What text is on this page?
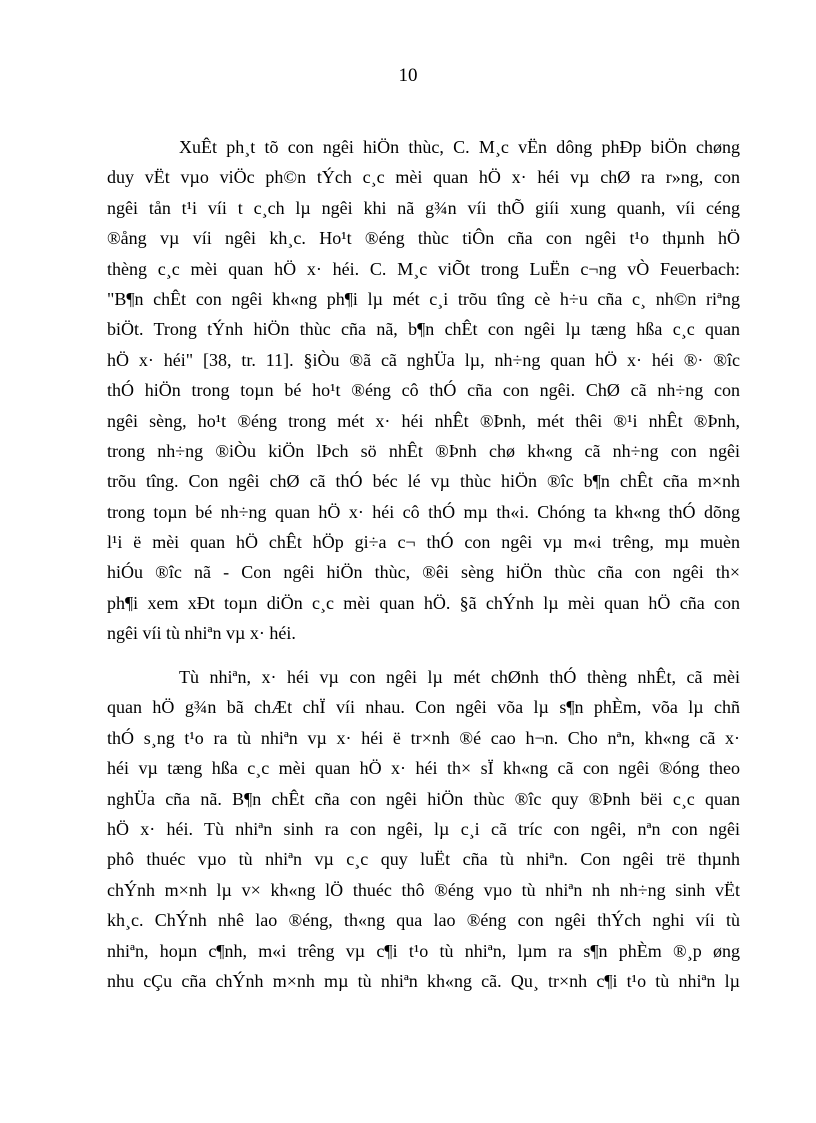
10

XuÊt ph¸t tõ con ngêi hiÖn thùc, C. M¸c vËn dông phÐp biÖn chøng
duy vËt vµo viÖc ph©n tÝch c¸c mèi quan hÖ x· héi vµ chØ ra r»ng, con
ngêi tån t¹i víi t c¸ch lµ ngêi khi nã g¾n víi thÕ giíi xung quanh, víi céng
®ång vµ víi ngêi kh¸c. Ho¹t ®éng thùc tiÔn cña con ngêi t¹o thµnh hÖ
thèng c¸c mèi quan hÖ x· héi. C. M¸c viÕt trong LuËn c¬ng vÒ Feuerbach:
"B¶n chÊt con ngêi kh«ng ph¶i lµ mét c¸i trõu tîng cè h÷u cña c¸ nh©n riªng
biÖt. Trong tÝnh hiÖn thùc cña nã, b¶n chÊt con ngêi lµ tæng hßa c¸c quan
hÖ x· héi" [38, tr. 11]. §iÒu ®ã cã nghÜa lµ, nh÷ng quan hÖ x· héi ®· ®îc
thÓ hiÖn trong toµn bé ho¹t ®éng cô thÓ cña con ngêi. ChØ cã nh÷ng con
ngêi sèng, ho¹t ®éng trong mét x· héi nhÊt ®Þnh, mét thêi ®¹i nhÊt ®Þnh,
trong nh÷ng ®iÒu kiÖn lÞch sö nhÊt ®Þnh chø kh«ng cã nh÷ng con ngêi
trõu tîng. Con ngêi chØ cã thÓ béc lé vµ thùc hiÖn ®îc b¶n chÊt cña m×nh
trong toµn bé nh÷ng quan hÖ x· héi cô thÓ mµ th«i. Chóng ta kh«ng thÓ dõng
l¹i ë mèi quan hÖ chÊt hÖp gi÷a c¬ thÓ con ngêi vµ m«i trêng, mµ muèn
hiÓu ®îc nã - Con ngêi hiÖn thùc, ®êi sèng hiÖn thùc cña con ngêi th×
ph¶i xem xÐt toµn diÖn c¸c mèi quan hÖ. §ã chÝnh lµ mèi quan hÖ cña con
ngêi víi tù nhiªn vµ x· héi.

Tù nhiªn, x· héi vµ con ngêi lµ mét chØnh thÓ thèng nhÊt, cã mèi
quan hÖ g¾n bã chÆt chÏ víi nhau. Con ngêi võa lµ s¶n phÈm, võa lµ chñ
thÓ s¸ng t¹o ra tù nhiªn vµ x· héi ë tr×nh ®é cao h¬n. Cho nªn, kh«ng cã x·
héi vµ tæng hßa c¸c mèi quan hÖ x· héi th× sÏ kh«ng cã con ngêi ®óng theo
nghÜa cña nã. B¶n chÊt cña con ngêi hiÖn thùc ®îc quy ®Þnh bëi c¸c quan
hÖ x· héi. Tù nhiªn sinh ra con ngêi, lµ c¸i cã tríc con ngêi, nªn con ngêi
phô thuéc vµo tù nhiªn vµ c¸c quy luËt cña tù nhiªn. Con ngêi trë thµnh
chÝnh m×nh lµ v× kh«ng lÖ thuéc thô ®éng vµo tù nhiªn nh nh÷ng sinh vËt
kh¸c. ChÝnh nhê lao ®éng, th«ng qua lao ®éng con ngêi thÝch nghi víi tù
nhiªn, hoµn c¶nh, m«i trêng vµ c¶i t¹o tù nhiªn, lµm ra s¶n phÈm ®¸p øng
nhu cÇu cña chÝnh m×nh mµ tù nhiªn kh«ng cã. Qu¸ tr×nh c¶i t¹o tù nhiªn lµ
